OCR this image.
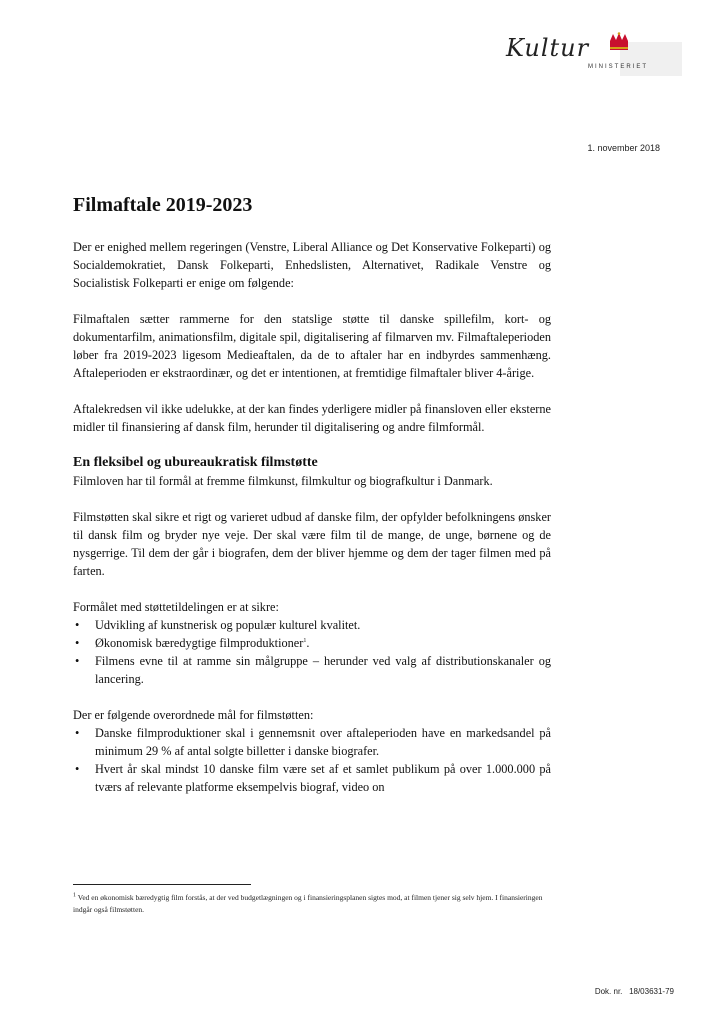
Kultur
MINISTERIET
1. november 2018
Filmaftale 2019-2023

Der er enighed mellem regeringen (Venstre, Liberal Alliance og Det Konservative Folkeparti) og Socialdemokratiet, Dansk Folkeparti, Enhedslisten, Alternativet, Radikale Venstre og Socialistisk Folkeparti er enige om følgende:

Filmaftalen sætter rammerne for den statslige støtte til danske spillefilm, kort- og dokumentarfilm, animationsfilm, digitale spil, digitalisering af filmarven mv. Filmaftaleperioden løber fra 2019-2023 ligesom Medieaftalen, da de to aftaler har en indbyrdes sammenhæng. Aftaleperioden er ekstraordinær, og det er intentionen, at fremtidige filmaftaler bliver 4-årige.

Aftalekredsen vil ikke udelukke, at der kan findes yderligere midler på finansloven eller eksterne midler til finansiering af dansk film, herunder til digitalisering og andre filmformål.

En fleksibel og ubureaukratisk filmstøtte

Filmloven har til formål at fremme filmkunst, filmkultur og biografkultur i Danmark.

Filmstøtten skal sikre et rigt og varieret udbud af danske film, der opfylder befolkningens ønsker til dansk film og bryder nye veje. Der skal være film til de mange, de unge, børnene og de nysgerrige. Til dem der går i biografen, dem der bliver hjemme og dem der tager filmen med på farten.

Formålet med støttetildelingen er at sikre:
• Udvikling af kunstnerisk og populær kulturel kvalitet.
• Økonomisk bæredygtige filmproduktioner$^1$.
• Filmens evne til at ramme sin målgruppe – herunder ved valg af distributionskanaler og lancering.
Der er følgende overordnede mål for filmstøtten:
• Danske filmproduktioner skal i gennemsnit over aftaleperioden have en markedsandel på minimum 29 % af antal solgte billetter i danske biografer.
• Hvert år skal mindst 10 danske film være set af et samlet publikum på over 1.000.000 på tværs af relevante platforme eksempelvis biograf, video on
$^1$ Ved en økonomisk bæredygtig film forstås, at der ved budgetlægningen og i finansieringsplanen sigtes mod, at filmen tjener sig selv hjem. I finansieringen indgår også filmstøtten.
Dok. nr.   18/03631-79
